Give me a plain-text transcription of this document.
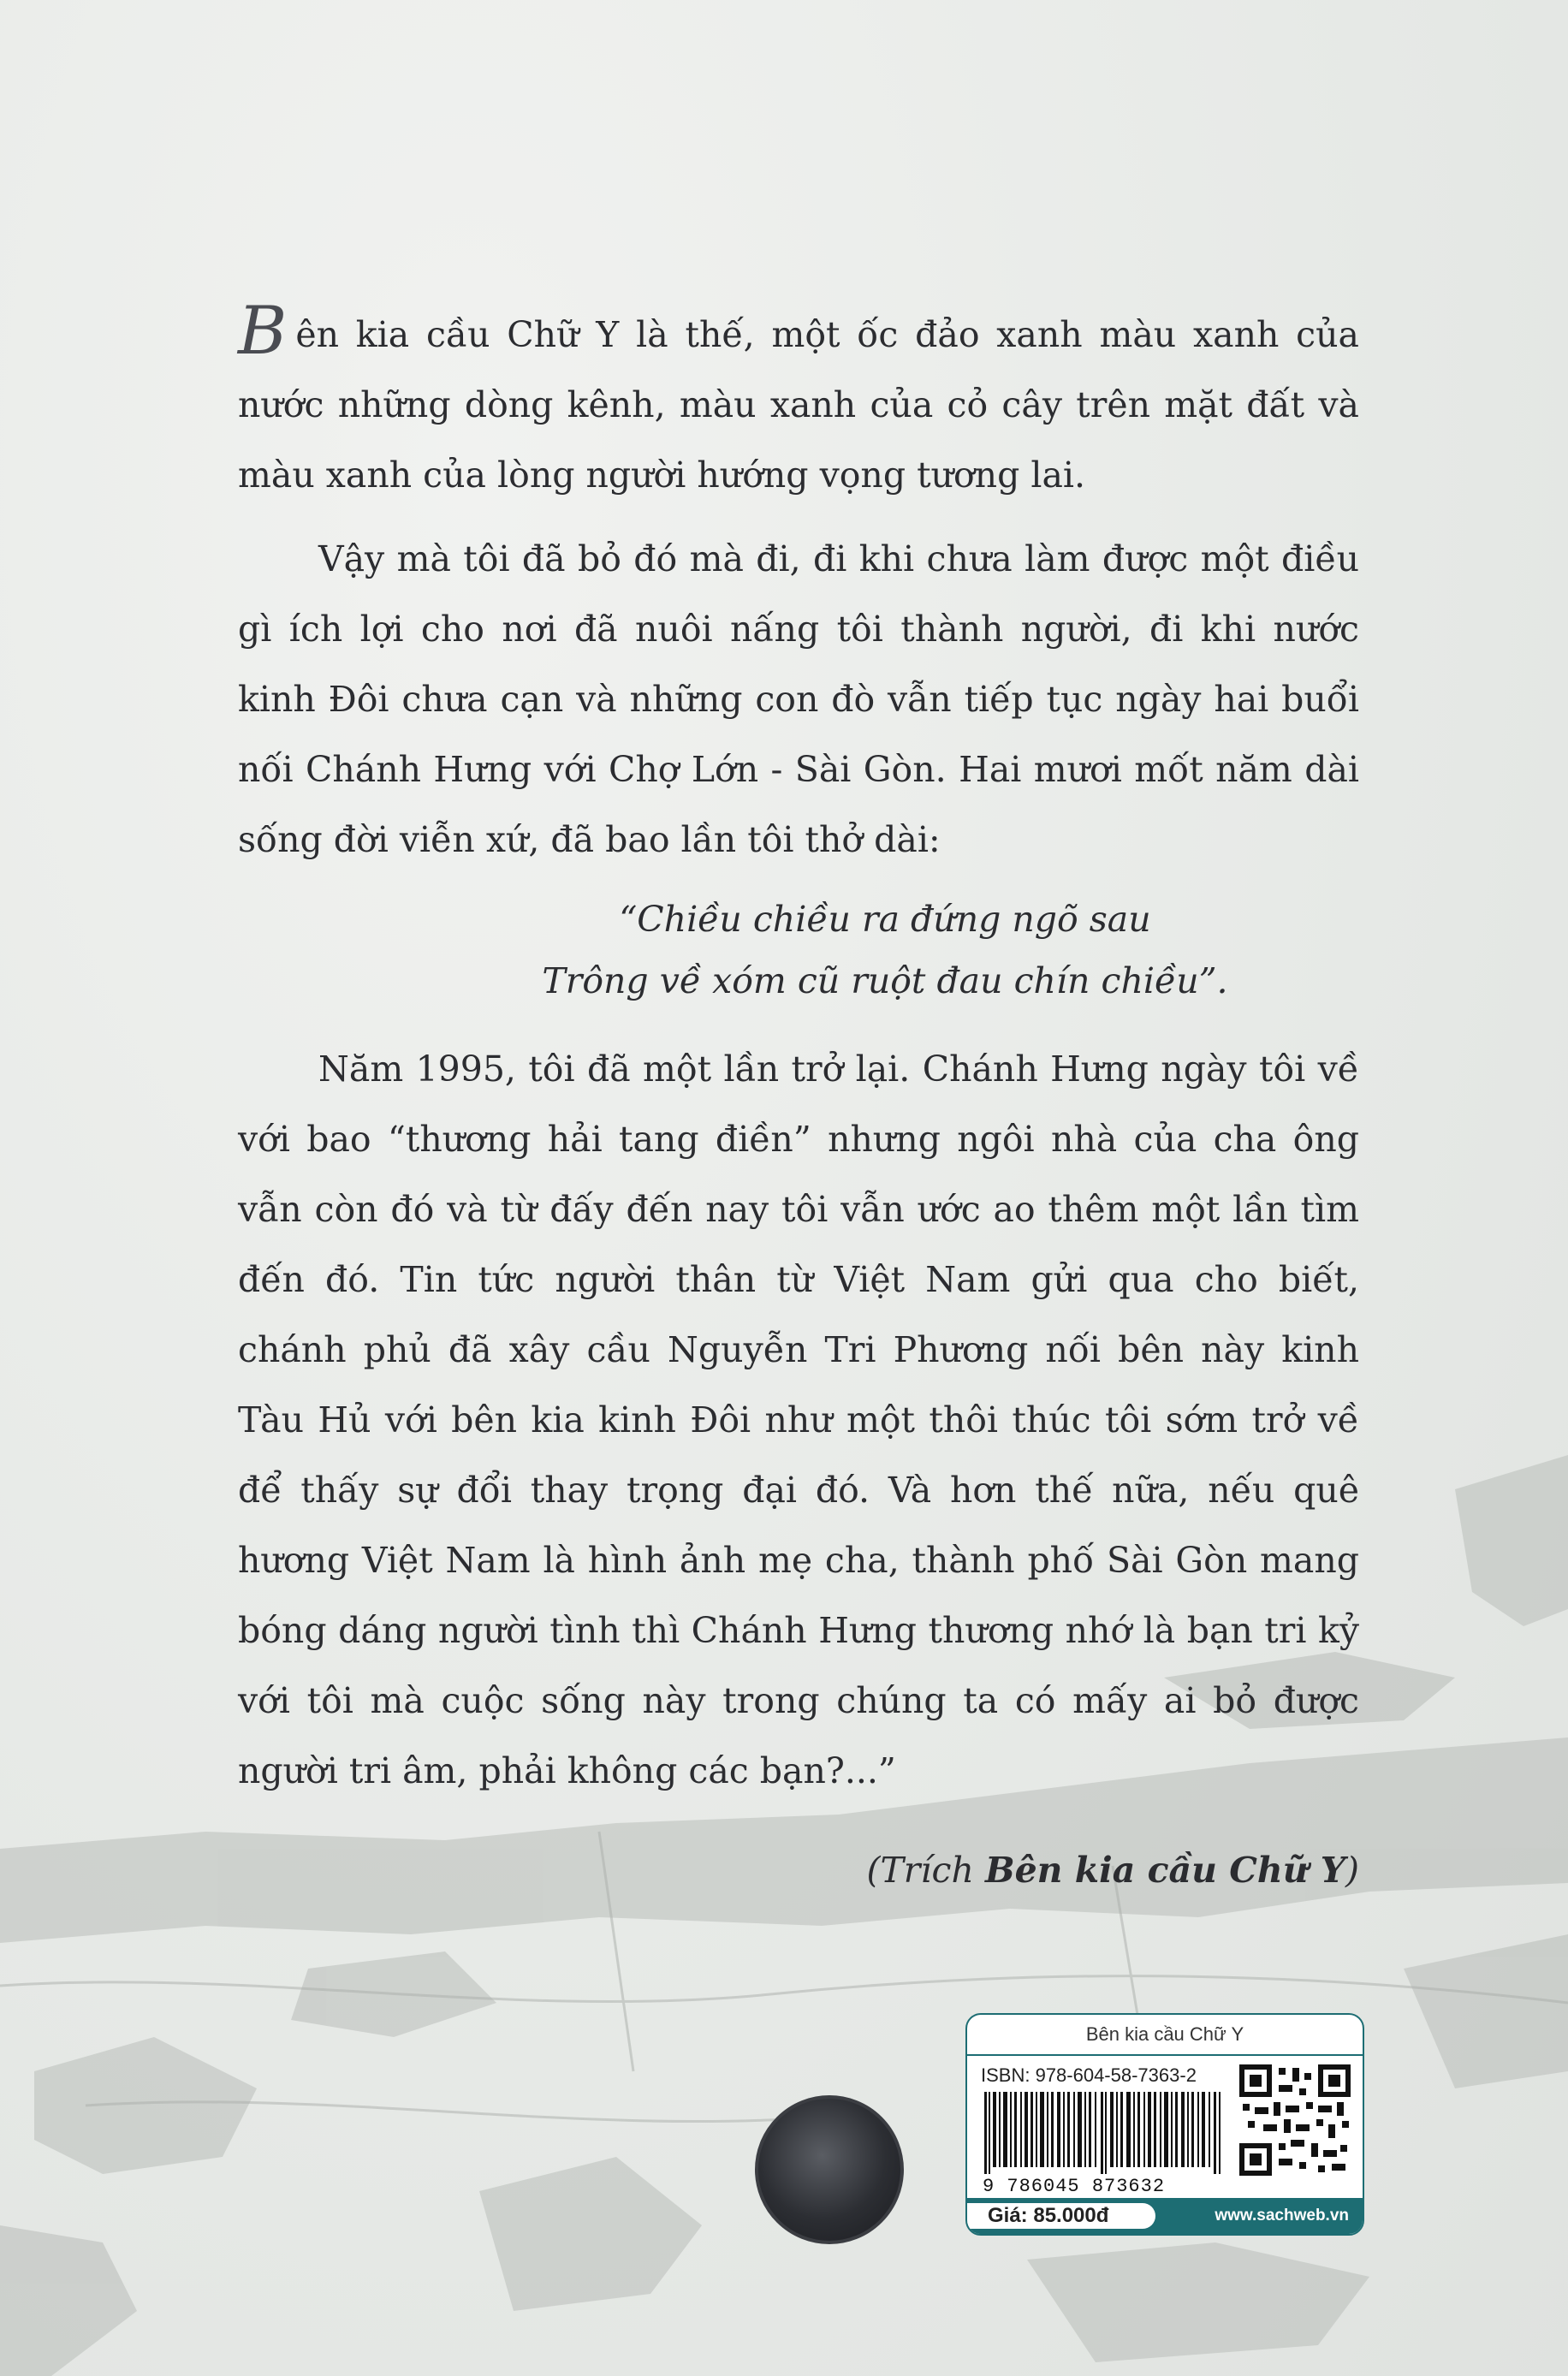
Bên kia cầu Chữ Y là thế, một ốc đảo xanh màu xanh của nước những dòng kênh, màu xanh của cỏ cây trên mặt đất và màu xanh của lòng người hướng vọng tương lai.

Vậy mà tôi đã bỏ đó mà đi, đi khi chưa làm được một điều gì ích lợi cho nơi đã nuôi nấng tôi thành người, đi khi nước kinh Đôi chưa cạn và những con đò vẫn tiếp tục ngày hai buổi nối Chánh Hưng với Chợ Lớn - Sài Gòn. Hai mươi mốt năm dài sống đời viễn xứ, đã bao lần tôi thở dài:

“Chiều chiều ra đứng ngõ sau
Trông về xóm cũ ruột đau chín chiều”.

Năm 1995, tôi đã một lần trở lại. Chánh Hưng ngày tôi về với bao “thương hải tang điền” nhưng ngôi nhà của cha ông vẫn còn đó và từ đấy đến nay tôi vẫn ước ao thêm một lần tìm đến đó. Tin tức người thân từ Việt Nam gửi qua cho biết, chánh phủ đã xây cầu Nguyễn Tri Phương nối bên này kinh Tàu Hủ với bên kia kinh Đôi như một thôi thúc tôi sớm trở về để thấy sự đổi thay trọng đại đó. Và hơn thế nữa, nếu quê hương Việt Nam là hình ảnh mẹ cha, thành phố Sài Gòn mang bóng dáng người tình thì Chánh Hưng thương nhớ là bạn tri kỷ với tôi mà cuộc sống này trong chúng ta có mấy ai bỏ được người tri âm, phải không các bạn?...”

(Trích Bên kia cầu Chữ Y)
Bên kia cầu Chữ Y
ISBN: 978-604-58-7363-2
9 786045 873632
Giá: 85.000đ	www.sachweb.vn
